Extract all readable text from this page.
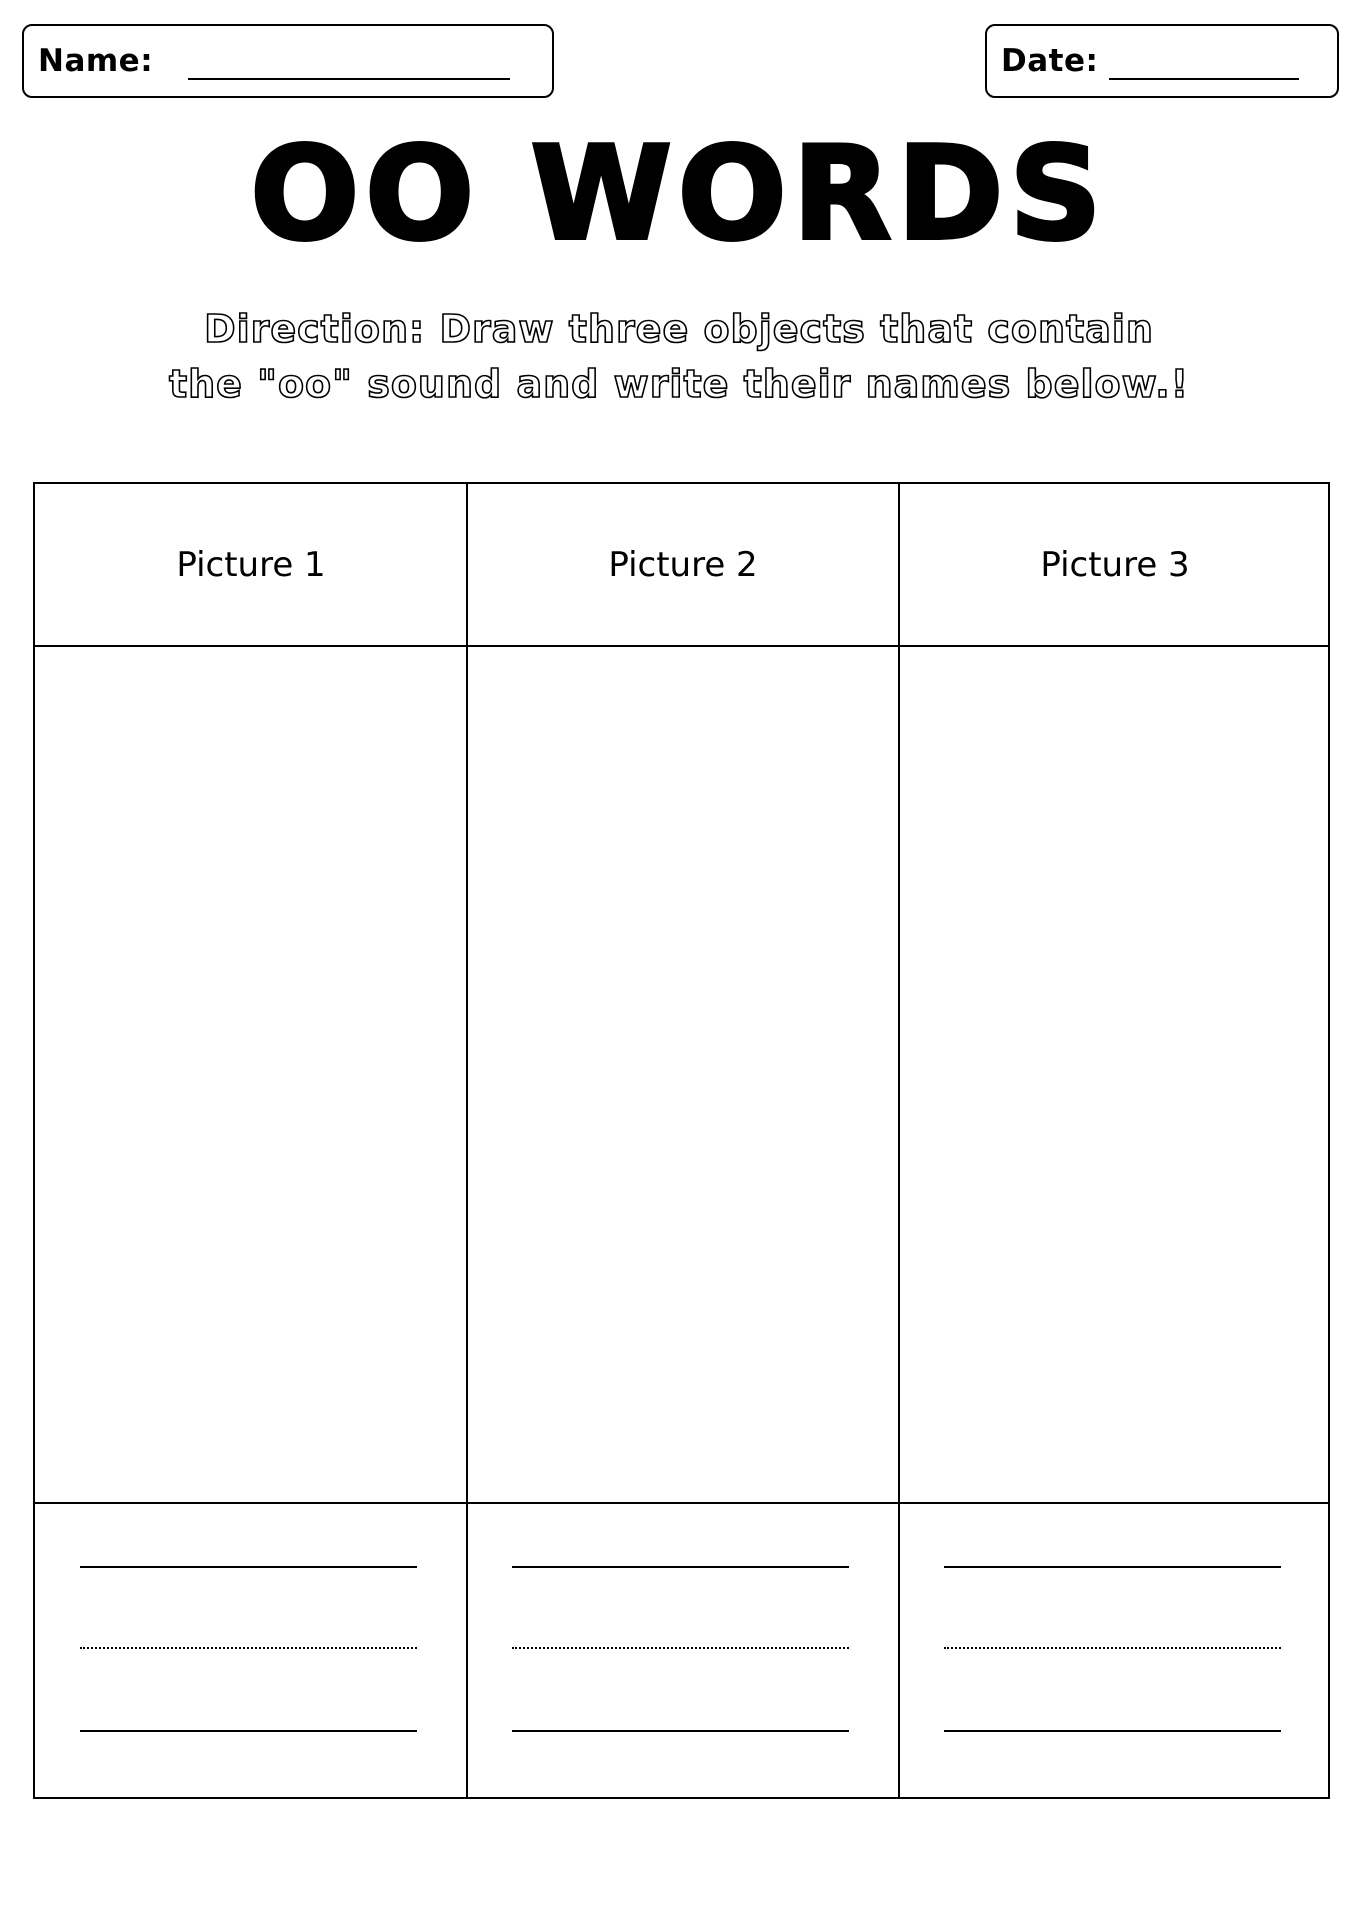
Name:	Date:
OO WORDS
Direction: Draw three objects that contain
the "oo" sound and write their names below.!
Picture 1	Picture 2	Picture 3
